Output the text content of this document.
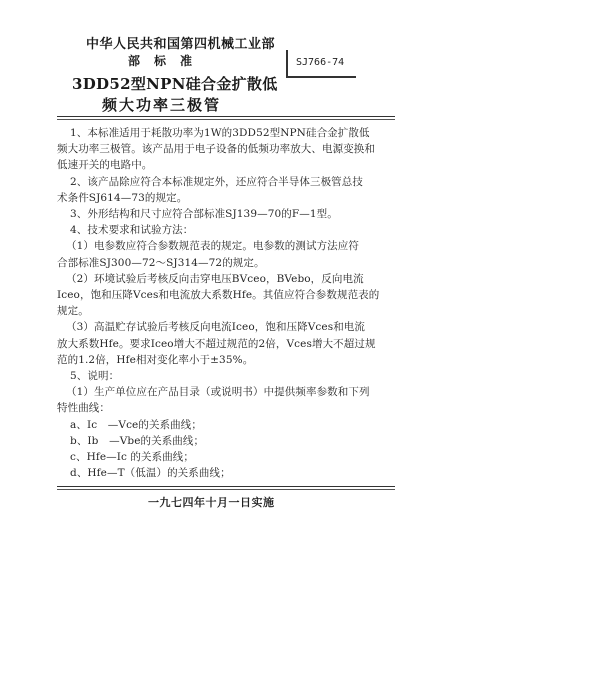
中华人民共和国第四机械工业部
部　标　准
3DD52型NPN硅合金扩散低
频大功率三极管
SJ766-74
1、本标准适用于耗散功率为1W的3DD52型NPN硅合金扩散低
频大功率三极管。该产品用于电子设备的低频功率放大、电源变换和
低速开关的电路中。
2、该产品除应符合本标准规定外，还应符合半导体三极管总技
术条件SJ614—73的规定。
3、外形结构和尺寸应符合部标准SJ139—70的F—1型。
4、技术要求和试验方法：
（1）电参数应符合参数规范表的规定。电参数的测试方法应符
合部标准SJ300—72～SJ314—72的规定。
（2）环境试验后考核反向击穿电压BVceo，BVebo，反向电流
Iceo，饱和压降Vces和电流放大系数Hfe。其值应符合参数规范表的
规定。
（3）高温贮存试验后考核反向电流Iceo，饱和压降Vces和电流
放大系数Hfe。要求Iceo增大不超过规范的2倍，Vces增大不超过规
范的1.2倍，Hfe相对变化率小于±35%。
5、说明：
（1）生产单位应在产品目录（或说明书）中提供频率参数和下列
特性曲线：
a、Ic　—Vce的关系曲线；
b、Ib　—Vbe的关系曲线；
一九七四年十月一日实施
c、Hfe—Ic 的关系曲线；
d、Hfe—T（低温）的关系曲线；
